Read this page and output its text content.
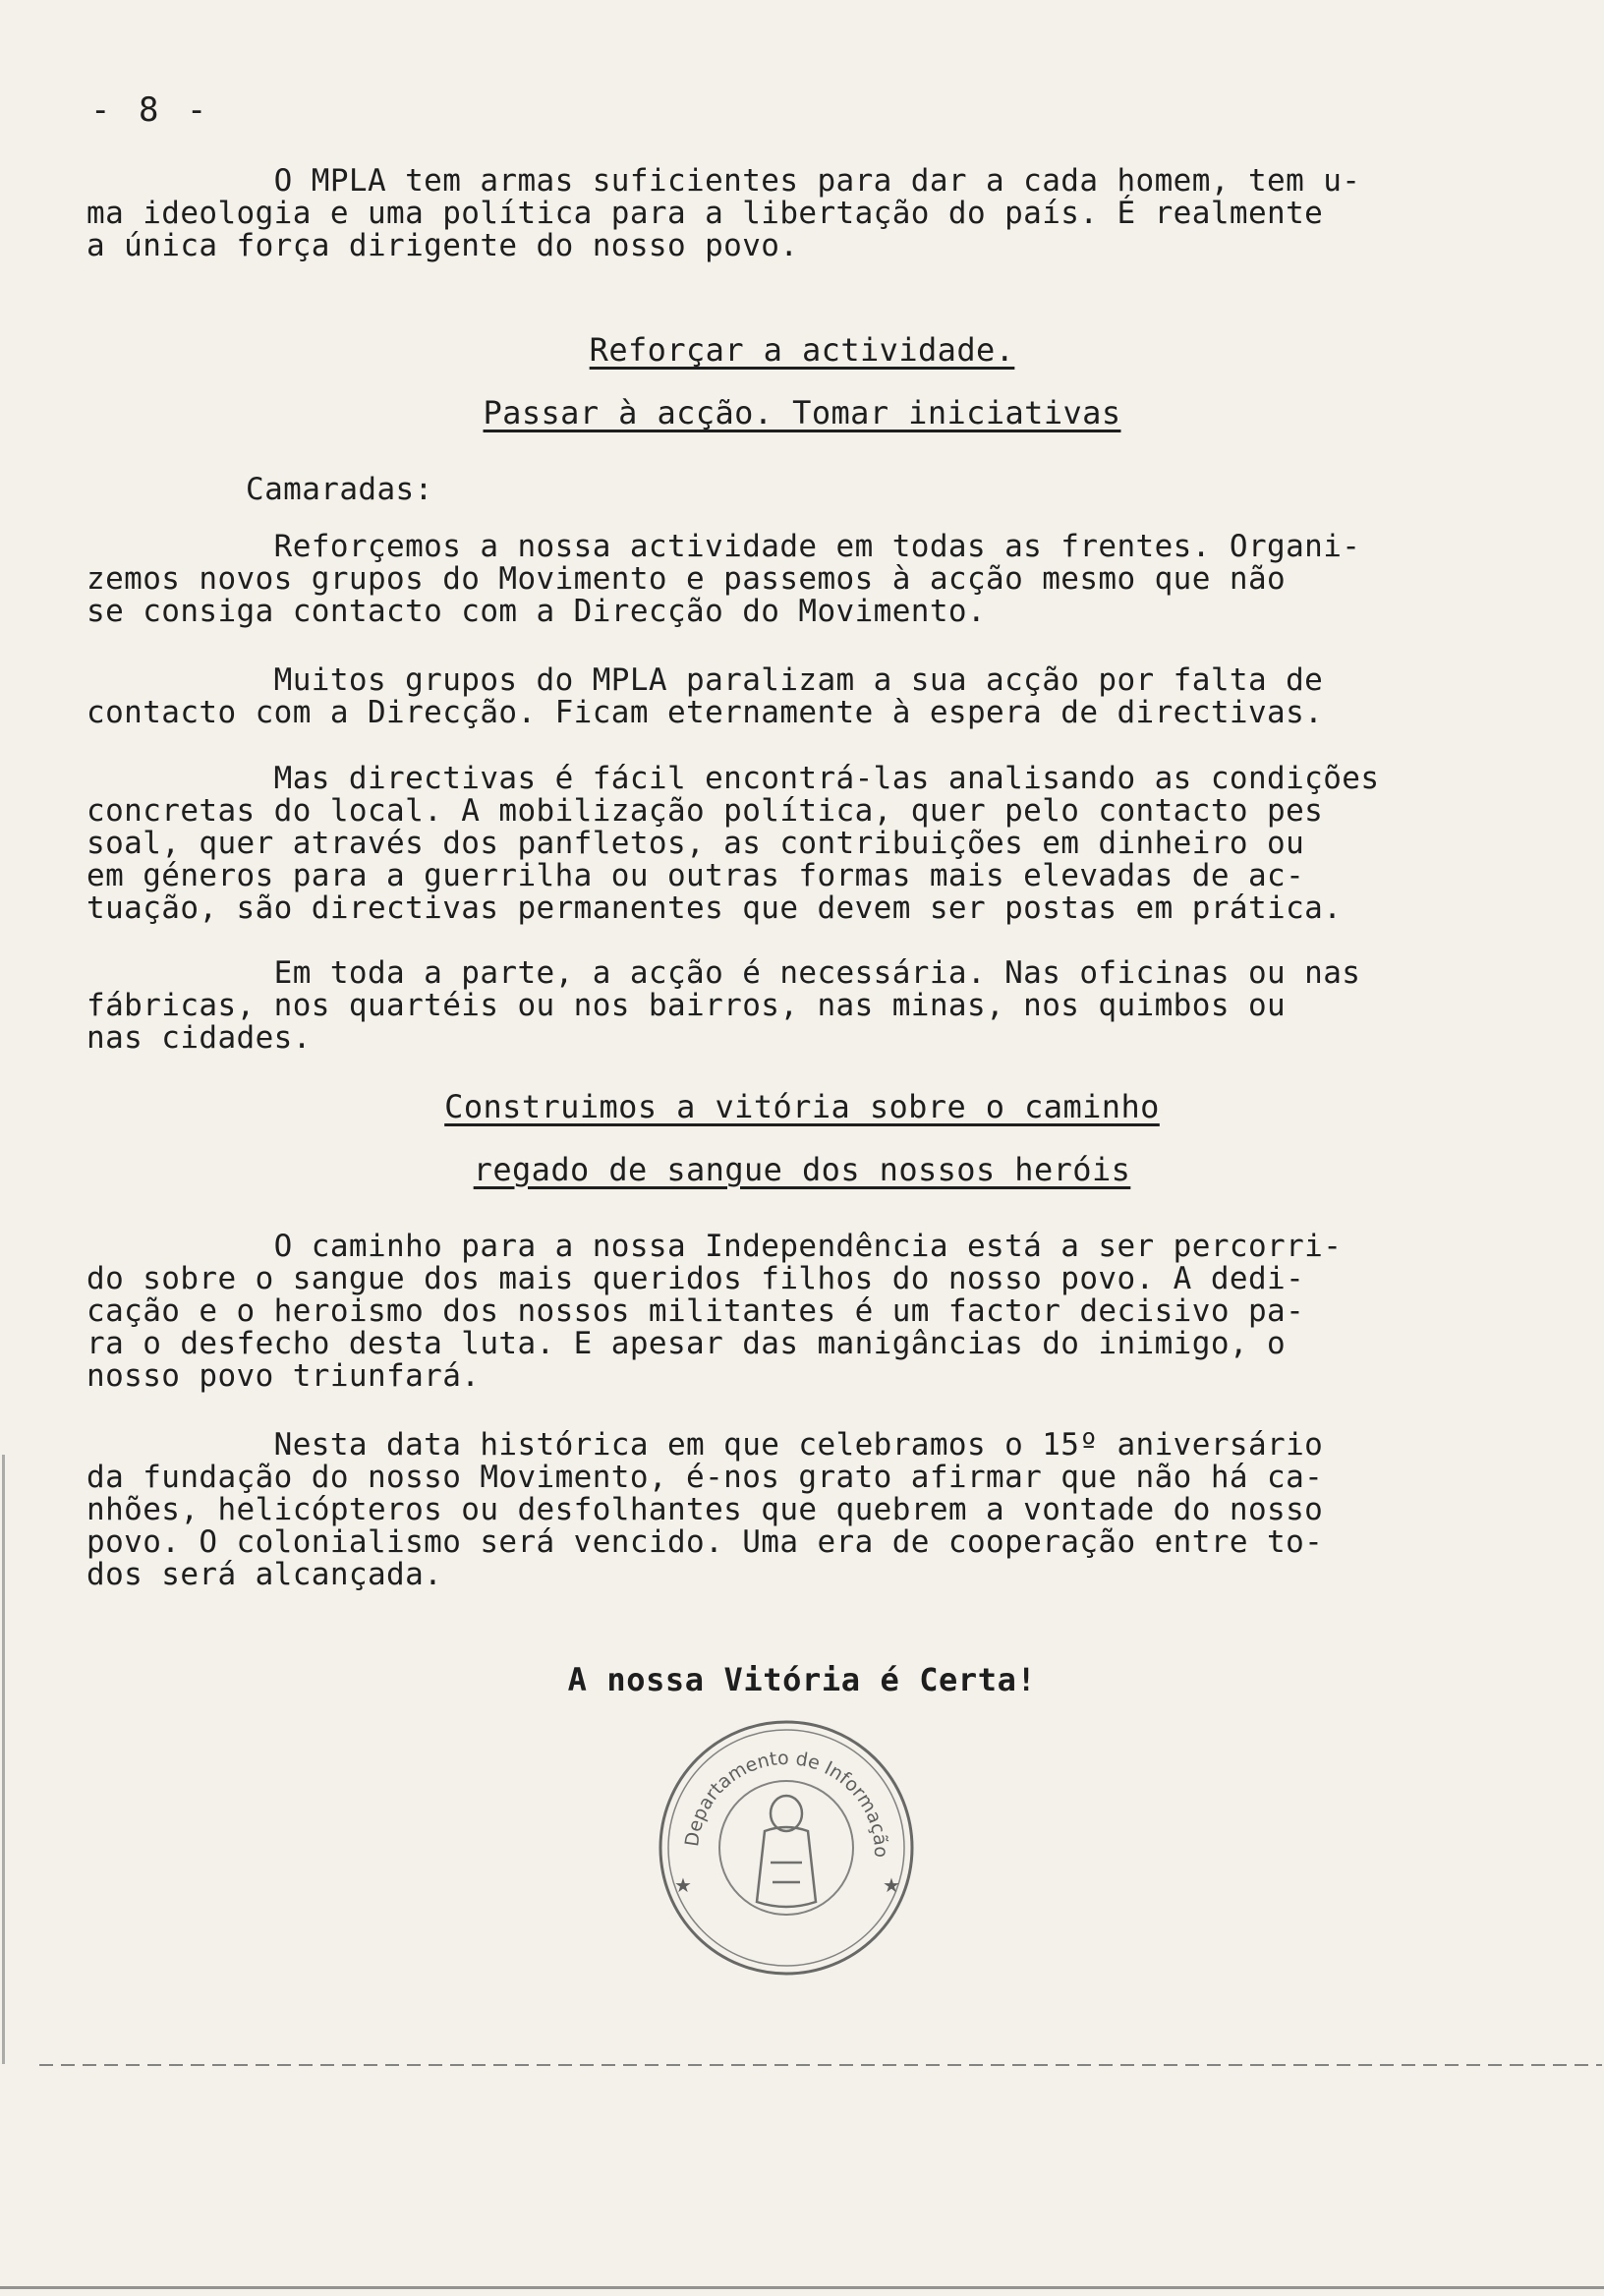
- 8 -

O MPLA tem armas suficientes para dar a cada homem, tem u-
ma ideologia e uma política para a libertação do país. É realmente
a única força dirigente do nosso povo.

Reforçar a actividade.
Passar à acção. Tomar iniciativas
Camaradas:

Reforçemos a nossa actividade em todas as frentes. Organi-
zemos novos grupos do Movimento e passemos à acção mesmo que não
se consiga contacto com a Direcção do Movimento.

Muitos grupos do MPLA paralizam a sua acção por falta de
contacto com a Direcção. Ficam eternamente à espera de directivas.

Mas directivas é fácil encontrá-las analisando as condições
concretas do local. A mobilização política, quer pelo contacto pes
soal, quer através dos panfletos, as contribuições em dinheiro ou
em géneros para a guerrilha ou outras formas mais elevadas de ac-
tuação, são directivas permanentes que devem ser postas em prática.

Em toda a parte, a acção é necessária. Nas oficinas ou nas
fábricas, nos quartéis ou nos bairros, nas minas, nos quimbos ou
nas cidades.

Construimos a vitória sobre o caminho
regado de sangue dos nossos heróis

O caminho para a nossa Independência está a ser percorri-
do sobre o sangue dos mais queridos filhos do nosso povo. A dedi-
cação e o heroismo dos nossos militantes é um factor decisivo pa-
ra o desfecho desta luta. E apesar das manigâncias do inimigo, o
nosso povo triunfará.

Nesta data histórica em que celebramos o 15º aniversário
da fundação do nosso Movimento, é-nos grato afirmar que não há ca-
nhões, helicópteros ou desfolhantes que quebrem a vontade do nosso
povo. O colonialismo será vencido. Uma era de cooperação entre to-
dos será alcançada.

A nossa Vitória é Certa!
Departamento de Informação
★	★
